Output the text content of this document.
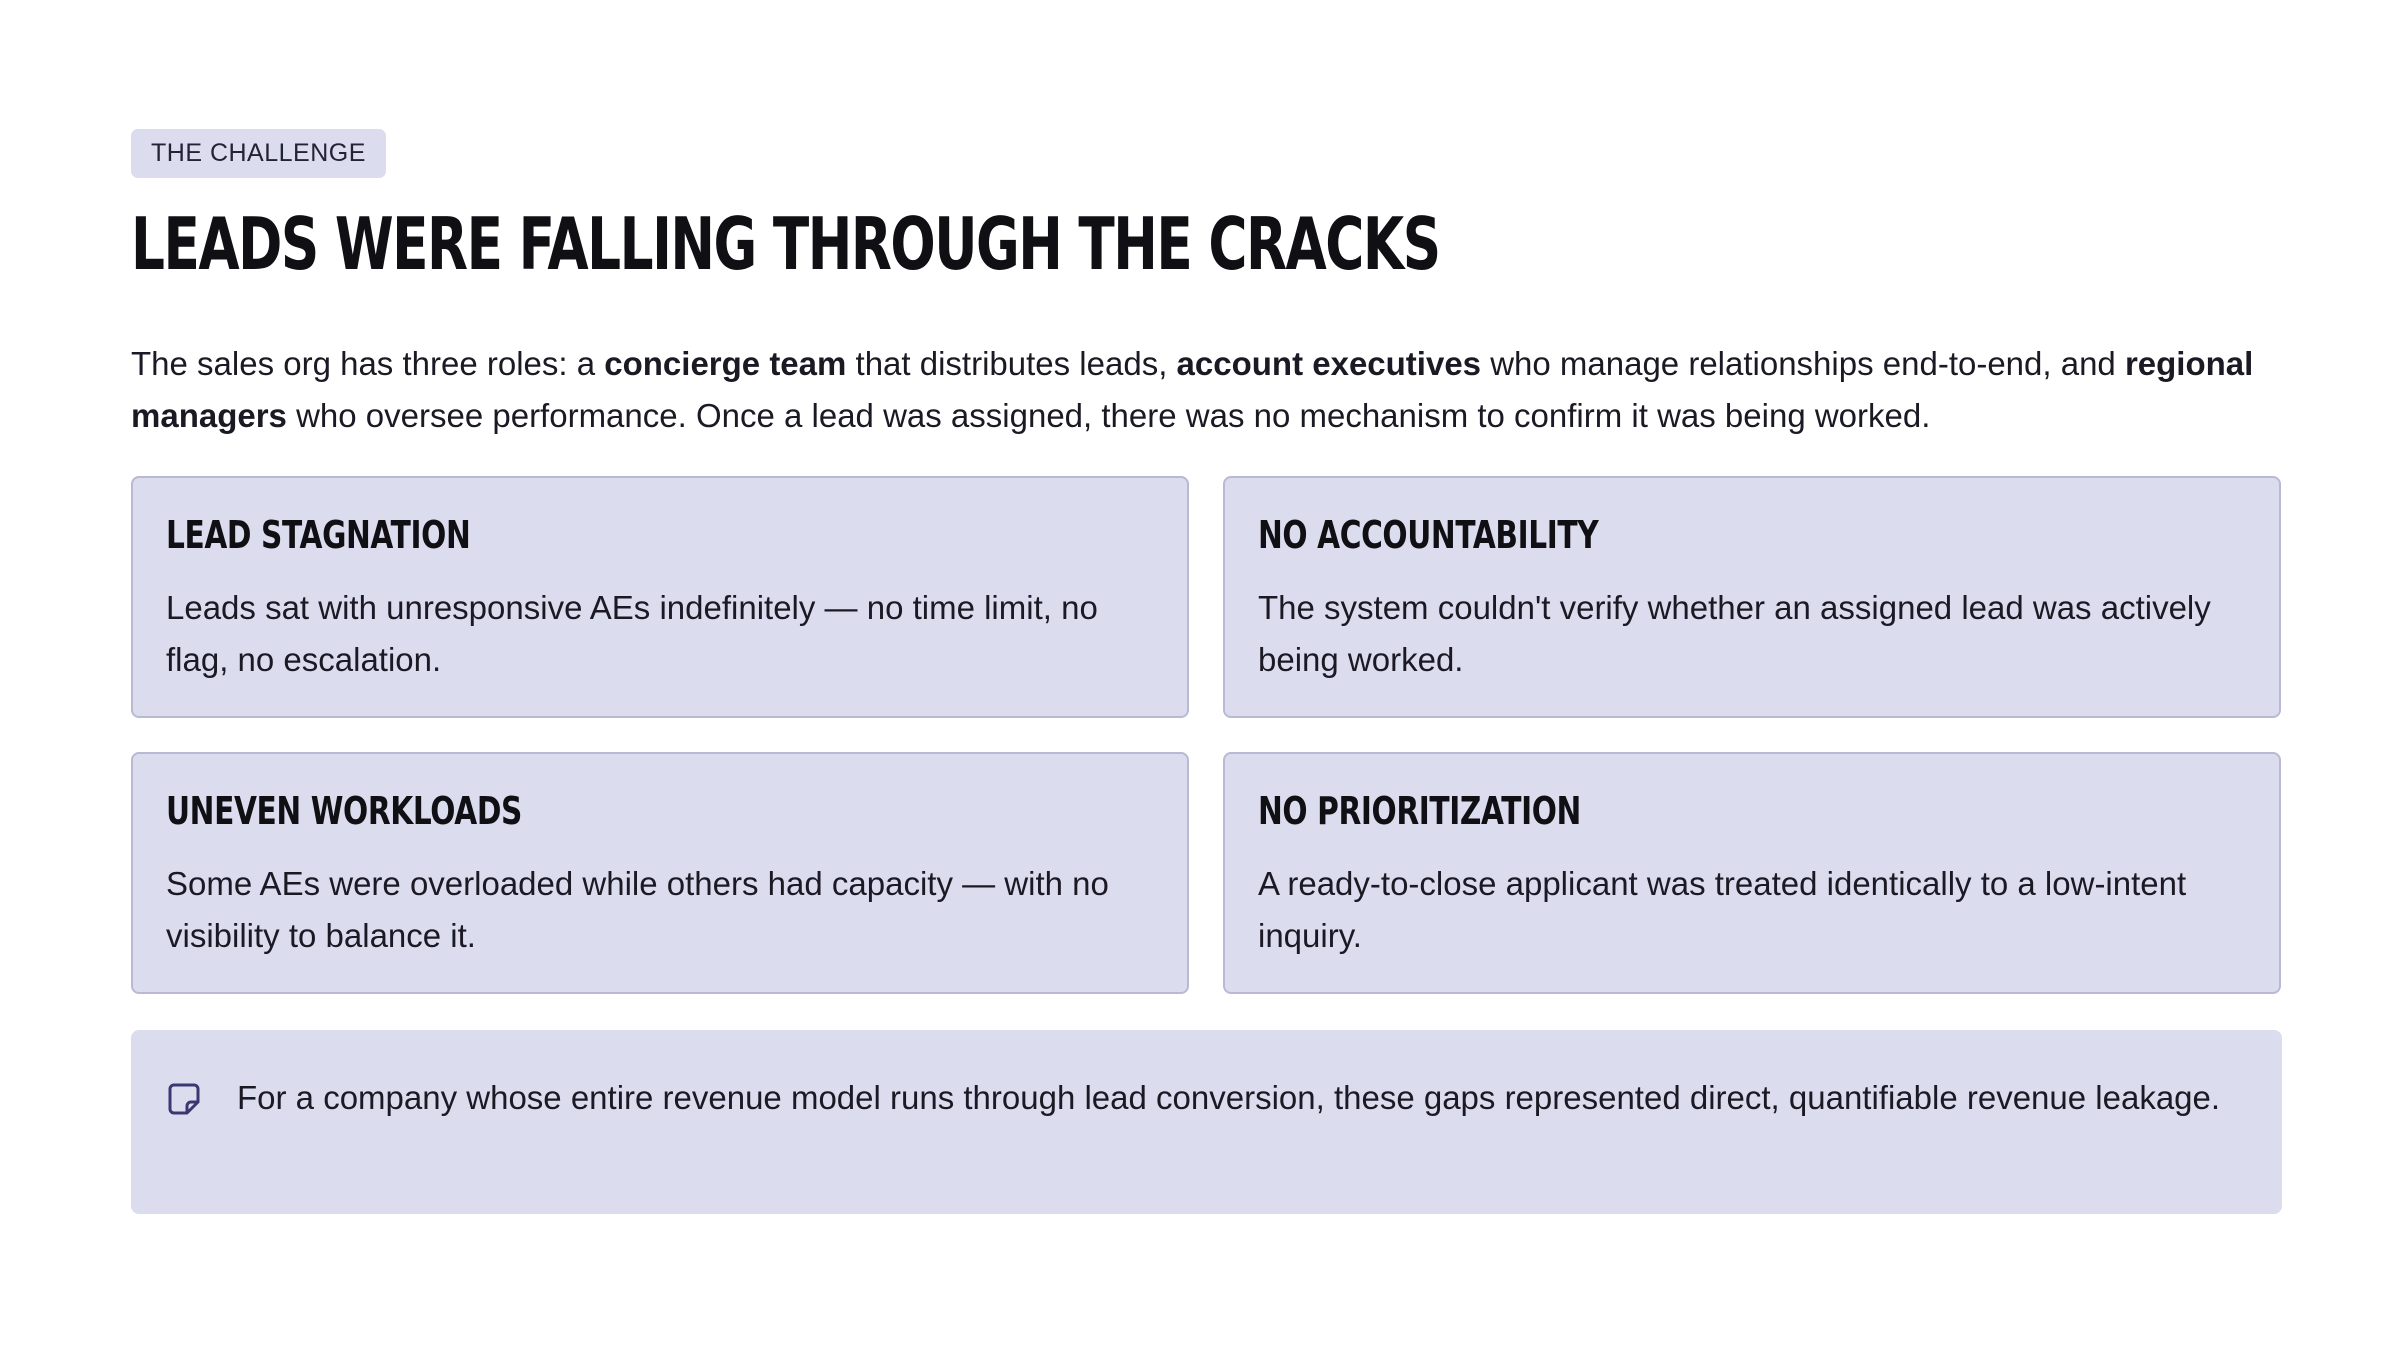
THE CHALLENGE
LEADS WERE FALLING THROUGH THE CRACKS

The sales org has three roles: a concierge team that distributes leads, account executives who manage relationships end-to-end, and regional managers who oversee performance. Once a lead was assigned, there was no mechanism to confirm it was being worked.

LEAD STAGNATION
Leads sat with unresponsive AEs indefinitely — no time limit, no flag, no escalation.
NO ACCOUNTABILITY
The system couldn't verify whether an assigned lead was actively being worked.
UNEVEN WORKLOADS
Some AEs were overloaded while others had capacity — with no visibility to balance it.
NO PRIORITIZATION
A ready-to-close applicant was treated identically to a low-intent inquiry.
For a company whose entire revenue model runs through lead conversion, these gaps represented direct, quantifiable revenue leakage.
